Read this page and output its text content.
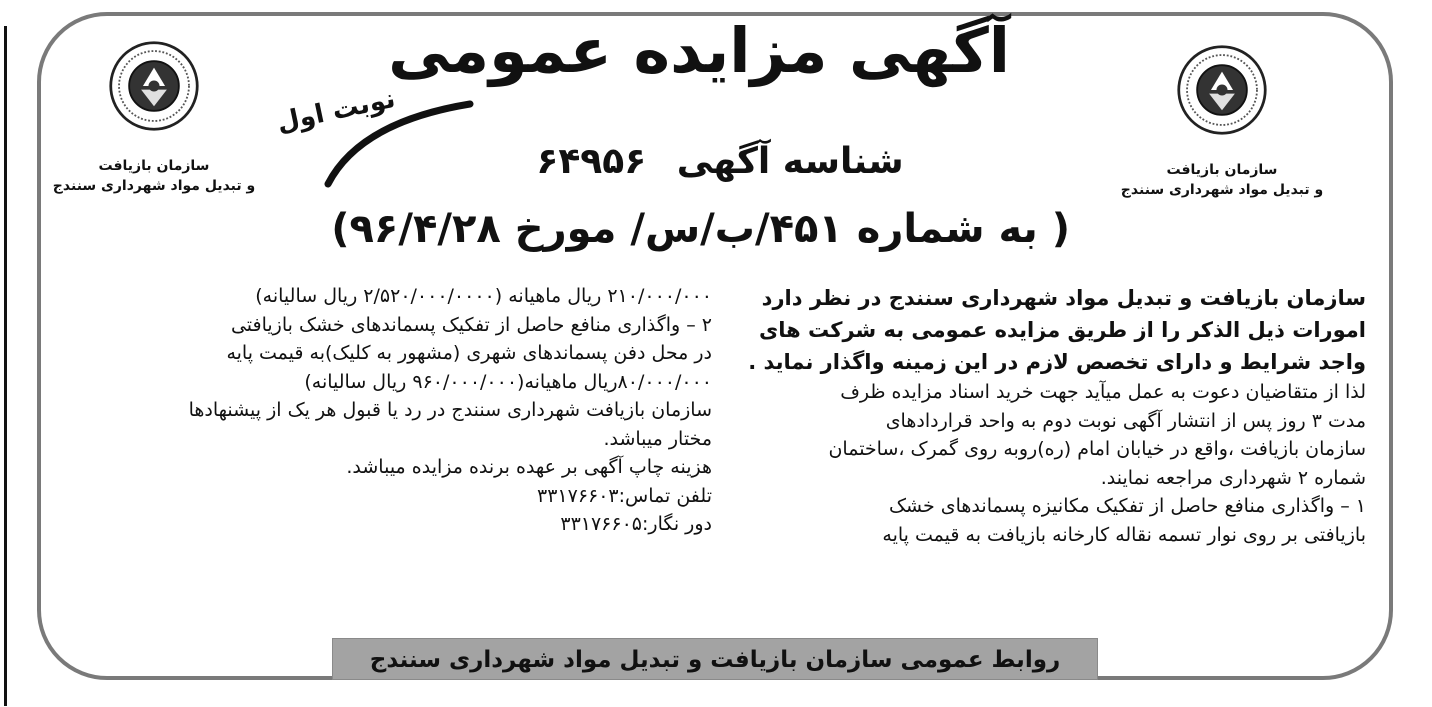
سازمان بازیافت
و تبدیل مواد شهرداری سنندج
سازمان بازیافت
و تبدیل مواد شهرداری سنندج
آگهی مزایده عمومی
نوبت اول
شناسه آگهی ۶۴۹۵۶
( به شماره ۴۵۱/ب/س/ مورخ ۹۶/۴/۲۸)
سازمان بازیافت و تبدیل مواد شهرداری سنندج در نظر دارد
امورات ذیل الذکر را از طریق مزایده عمومی به شرکت های
واجد شرایط و دارای تخصص لازم در این زمینه واگذار نماید .
لذا از متقاضیان دعوت به عمل میآید جهت خرید اسناد مزایده ظرف
مدت ۳ روز پس از انتشار آگهی نوبت دوم به واحد قراردادهای
سازمان بازیافت ،واقع در خیابان امام (ره)روبه روی گمرک ،ساختمان
شماره ۲ شهرداری مراجعه نمایند.
۱ – واگذاری منافع حاصل از تفکیک مکانیزه پسماندهای خشک
بازیافتی بر روی نوار تسمه نقاله کارخانه بازیافت به قیمت پایه
۲۱۰/۰۰۰/۰۰۰ ریال ماهیانه (۲/۵۲۰/۰۰۰/۰۰۰۰ ریال سالیانه)
۲ – واگذاری منافع حاصل از تفکیک پسماندهای خشک بازیافتی
در محل دفن پسماندهای شهری (مشهور به کلیک)به قیمت پایه
۸۰/۰۰۰/۰۰۰ریال ماهیانه(۹۶۰/۰۰۰/۰۰۰ ریال سالیانه)
سازمان بازیافت شهرداری سنندج در رد یا قبول هر یک از پیشنهادها
مختار میباشد.
هزینه چاپ آگهی بر عهده برنده مزایده میباشد.
تلفن تماس:۳۳۱۷۶۶۰۳
دور نگار:۳۳۱۷۶۶۰۵
روابط عمومی سازمان بازیافت و تبدیل مواد شهرداری سنندج
